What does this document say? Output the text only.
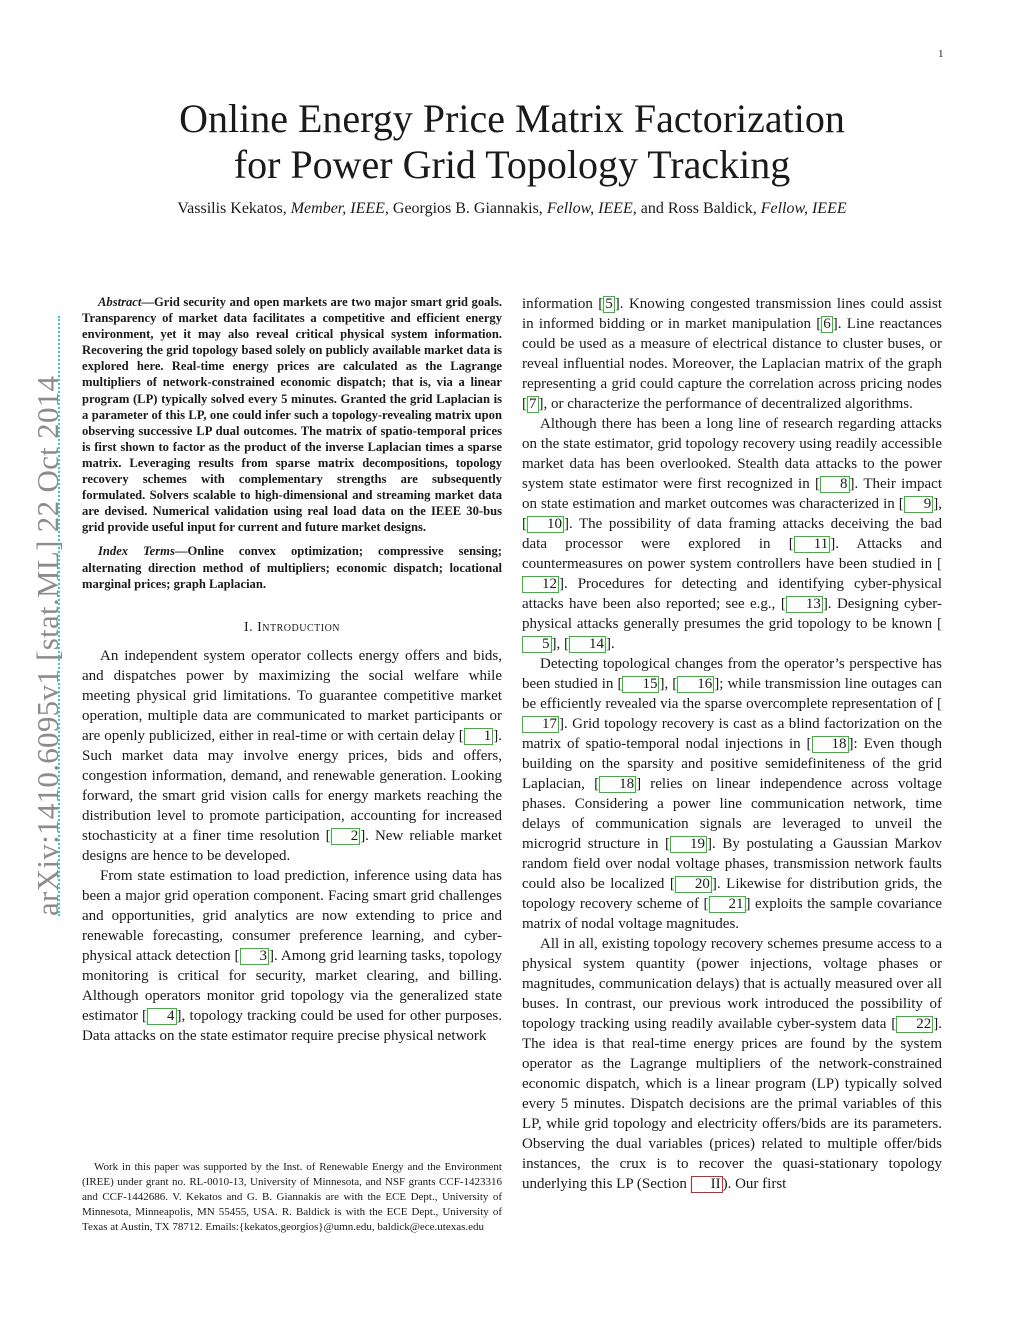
1
arXiv:1410.6095v1 [stat.ML] 22 Oct 2014
Online Energy Price Matrix Factorization
for Power Grid Topology Tracking
Vassilis Kekatos, Member, IEEE, Georgios B. Giannakis, Fellow, IEEE, and Ross Baldick, Fellow, IEEE

Abstract—Grid security and open markets are two major smart grid goals. Transparency of market data facilitates a competitive and efficient energy environment, yet it may also reveal critical physical system information. Recovering the grid topology based solely on publicly available market data is explored here. Real-time energy prices are calculated as the Lagrange multipliers of network-constrained economic dispatch; that is, via a linear program (LP) typically solved every 5 minutes. Granted the grid Laplacian is a parameter of this LP, one could infer such a topology-revealing matrix upon observing successive LP dual outcomes. The matrix of spatio-temporal prices is first shown to factor as the product of the inverse Laplacian times a sparse matrix. Leveraging results from sparse matrix decompositions, topology recovery schemes with complementary strengths are subsequently formulated. Solvers scalable to high-dimensional and streaming market data are devised. Numerical validation using real load data on the IEEE 30-bus grid provide useful input for current and future market designs.

Index Terms—Online convex optimization; compressive sensing; alternating direction method of multipliers; economic dispatch; locational marginal prices; graph Laplacian.

I. Introduction

An independent system operator collects energy offers and bids, and dispatches power by maximizing the social welfare while meeting physical grid limitations. To guarantee competitive market operation, multiple data are communicated to market participants or are openly publicized, either in real-time or with certain delay [ 1 ]. Such market data may involve energy prices, bids and offers, congestion information, demand, and renewable generation. Looking forward, the smart grid vision calls for energy markets reaching the distribution level to promote participation, accounting for increased stochasticity at a finer time resolution [ 2 ]. New reliable market designs are hence to be developed.

From state estimation to load prediction, inference using data has been a major grid operation component. Facing smart grid challenges and opportunities, grid analytics are now extending to price and renewable forecasting, consumer preference learning, and cyber-physical attack detection [ 3 ]. Among grid learning tasks, topology monitoring is critical for security, market clearing, and billing. Although operators monitor grid topology via the generalized state estimator [ 4 ], topology tracking could be used for other purposes. Data attacks on the state estimator require precise physical network

Work in this paper was supported by the Inst. of Renewable Energy and the Environment (IREE) under grant no. RL-0010-13, University of Minnesota, and NSF grants CCF-1423316 and CCF-1442686. V. Kekatos and G. B. Giannakis are with the ECE Dept., University of Minnesota, Minneapolis, MN 55455, USA. R. Baldick is with the ECE Dept., University of Texas at Austin, TX 78712. Emails:{kekatos,georgios}@umn.edu, baldick@ece.utexas.edu

information [ 5 ]. Knowing congested transmission lines could assist in informed bidding or in market manipulation [ 6 ]. Line reactances could be used as a measure of electrical distance to cluster buses, or reveal influential nodes. Moreover, the Laplacian matrix of the graph representing a grid could capture the correlation across pricing nodes [ 7 ], or characterize the performance of decentralized algorithms.

Although there has been a long line of research regarding attacks on the state estimator, grid topology recovery using readily accessible market data has been overlooked. Stealth data attacks to the power system state estimator were first recognized in [ 8 ]. Their impact on state estimation and market outcomes was characterized in [ 9 ], [ 10 ]. The possibility of data framing attacks deceiving the bad data processor were explored in [ 11 ]. Attacks and countermeasures on power system controllers have been studied in [12 ]. Procedures for detecting and identifying cyber-physical attacks have been also reported; see e.g., [ 13 ]. Designing cyber-physical attacks generally presumes the grid topology to be known [5 ], [ 14 ].

Detecting topological changes from the operator’s perspective has been studied in [ 15 ], [ 16 ]; while transmission line outages can be efficiently revealed via the sparse overcomplete representation of [17 ]. Grid topology recovery is cast as a blind factorization on the matrix of spatio-temporal nodal injections in [ 18 ]: Even though building on the sparsity and positive semidefiniteness of the grid Laplacian, [ 18 ] relies on linear independence across voltage phases. Considering a power line communication network, time delays of communication signals are leveraged to unveil the microgrid structure in [ 19 ]. By postulating a Gaussian Markov random field over nodal voltage phases, transmission network faults could also be localized [ 20 ]. Likewise for distribution grids, the topology recovery scheme of [ 21 ] exploits the sample covariance matrix of nodal voltage magnitudes.

All in all, existing topology recovery schemes presume access to a physical system quantity (power injections, voltage phases or magnitudes, communication delays) that is actually measured over all buses. In contrast, our previous work introduced the possibility of topology tracking using readily available cyber-system data [ 22 ]. The idea is that real-time energy prices are found by the system operator as the Lagrange multipliers of the network-constrained economic dispatch, which is a linear program (LP) typically solved every 5 minutes. Dispatch decisions are the primal variables of this LP, while grid topology and electricity offers/bids are its parameters. Observing the dual variables (prices) related to multiple offer/bids instances, the crux is to recover the quasi-stationary topology underlying this LP (Section II ). Our first
